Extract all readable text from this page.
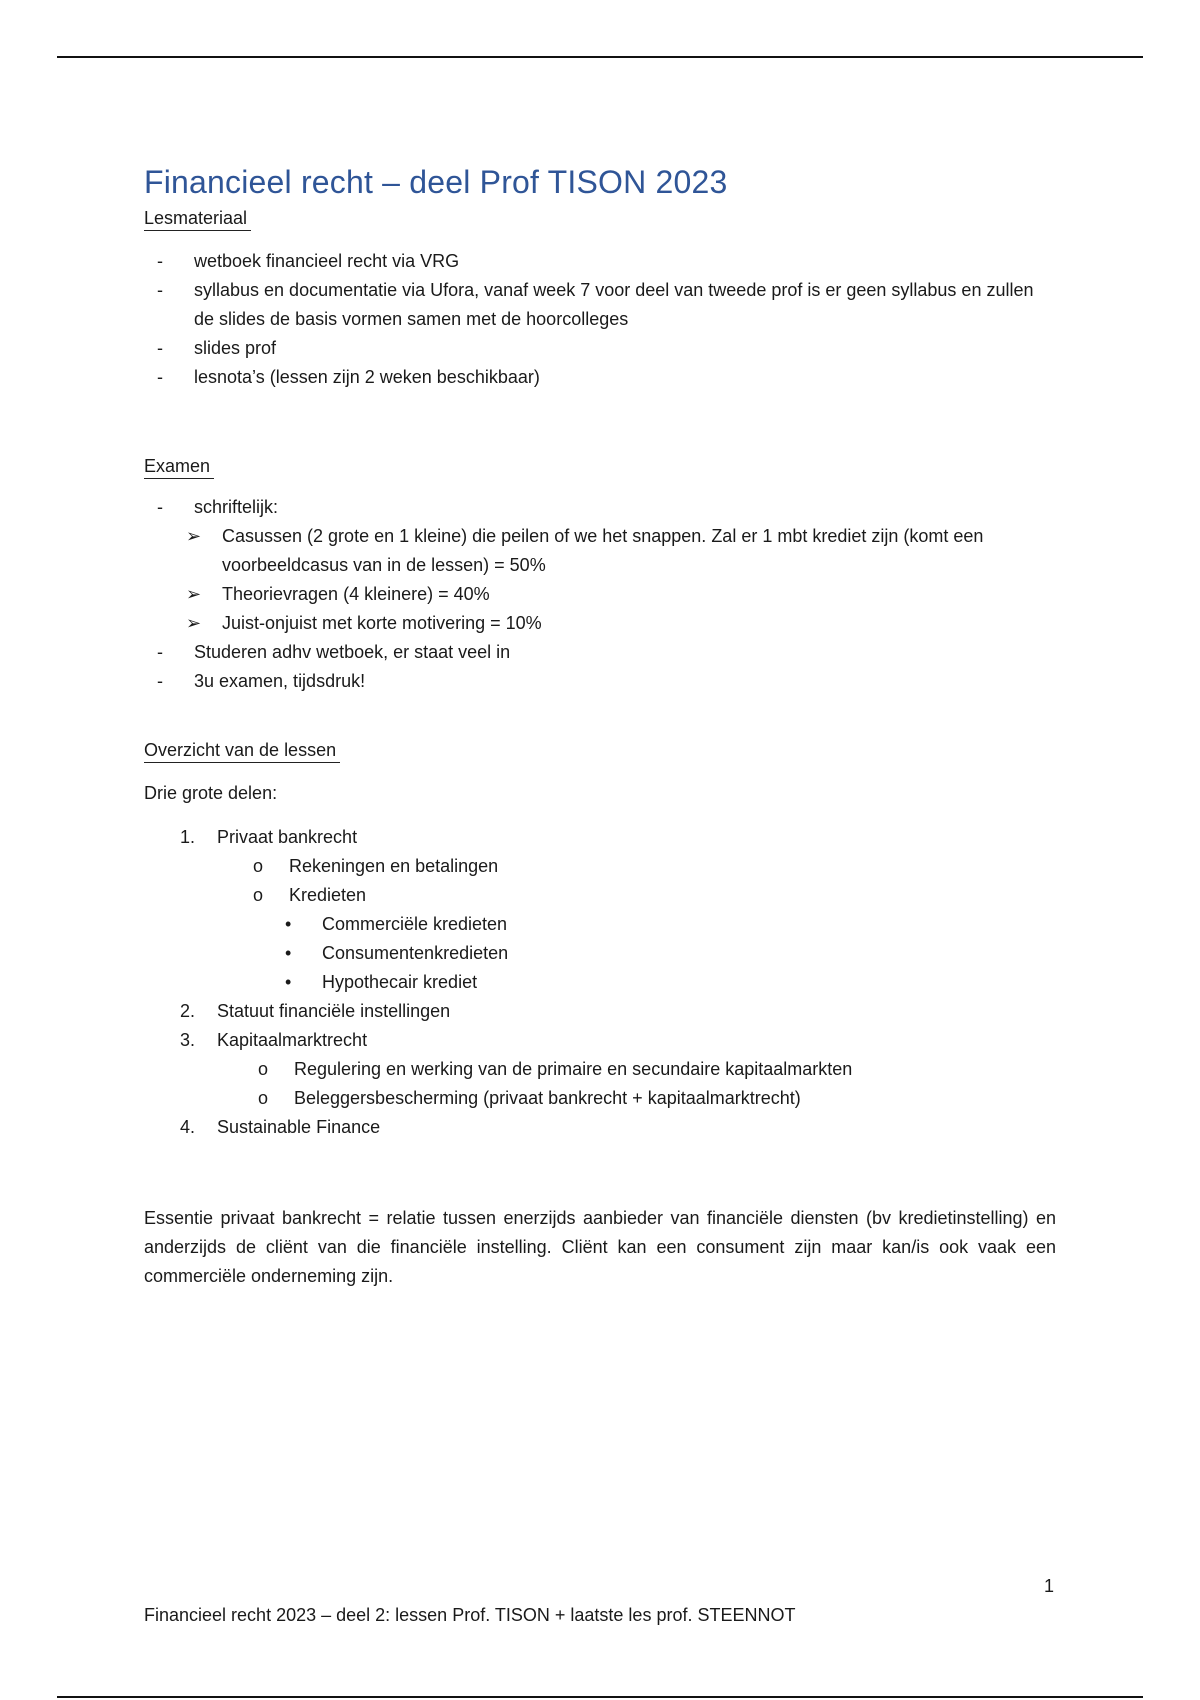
Financieel recht – deel Prof TISON 2023
Lesmateriaal
- wetboek financieel recht via VRG
- syllabus en documentatie via Ufora, vanaf week 7 voor deel van tweede prof is er geen syllabus en zullen de slides de basis vormen samen met de hoorcolleges
- slides prof
- lesnota’s (lessen zijn 2 weken beschikbaar)
Examen
- schriftelijk:
➢ Casussen (2 grote en 1 kleine) die peilen of we het snappen. Zal er 1 mbt krediet zijn (komt een voorbeeldcasus van in de lessen) = 50%
➢ Theorievragen (4 kleinere) = 40%
➢ Juist-onjuist met korte motivering = 10%
- Studeren adhv wetboek, er staat veel in
- 3u examen, tijdsdruk!
Overzicht van de lessen

Drie grote delen:

1. Privaat bankrecht
o Rekeningen en betalingen
o Kredieten
• Commerciële kredieten
• Consumentenkredieten
• Hypothecair krediet
2. Statuut financiële instellingen
3. Kapitaalmarktrecht
o Regulering en werking van de primaire en secundaire kapitaalmarkten
o Beleggersbescherming (privaat bankrecht + kapitaalmarktrecht)
4. Sustainable Finance

Essentie privaat bankrecht = relatie tussen enerzijds aanbieder van financiële diensten (bv kredietinstelling) en anderzijds de cliënt van die financiële instelling. Cliënt kan een consument zijn maar kan/is ook vaak een commerciële onderneming zijn.

1
Financieel recht 2023 – deel 2: lessen Prof. TISON + laatste les prof. STEENNOT
